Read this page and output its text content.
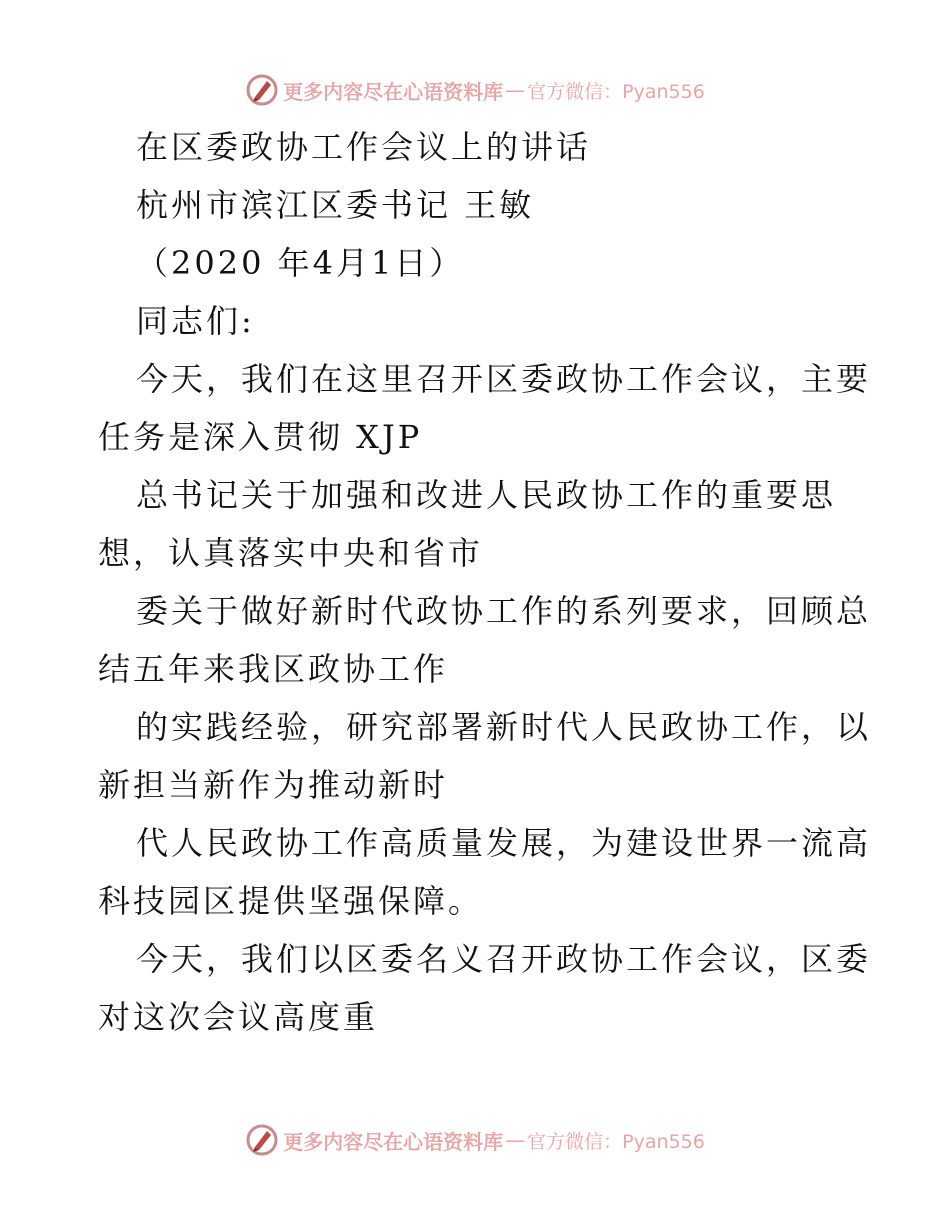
更多内容尽在心语资料库 — 官方微信：Pyan556
在区委政协工作会议上的讲话
杭州市滨江区委书记 王敏
（2020 年4月1日）
同志们:
今天，我们在这里召开区委政协工作会议，主要
任务是深入贯彻 XJP
总书记关于加强和改进人民政协工作的重要思
想，认真落实中央和省市
委关于做好新时代政协工作的系列要求，回顾总
结五年来我区政协工作
的实践经验，研究部署新时代人民政协工作，以
新担当新作为推动新时
代人民政协工作高质量发展，为建设世界一流高
科技园区提供坚强保障。
今天，我们以区委名义召开政协工作会议，区委
对这次会议高度重
更多内容尽在心语资料库 — 官方微信：Pyan556
